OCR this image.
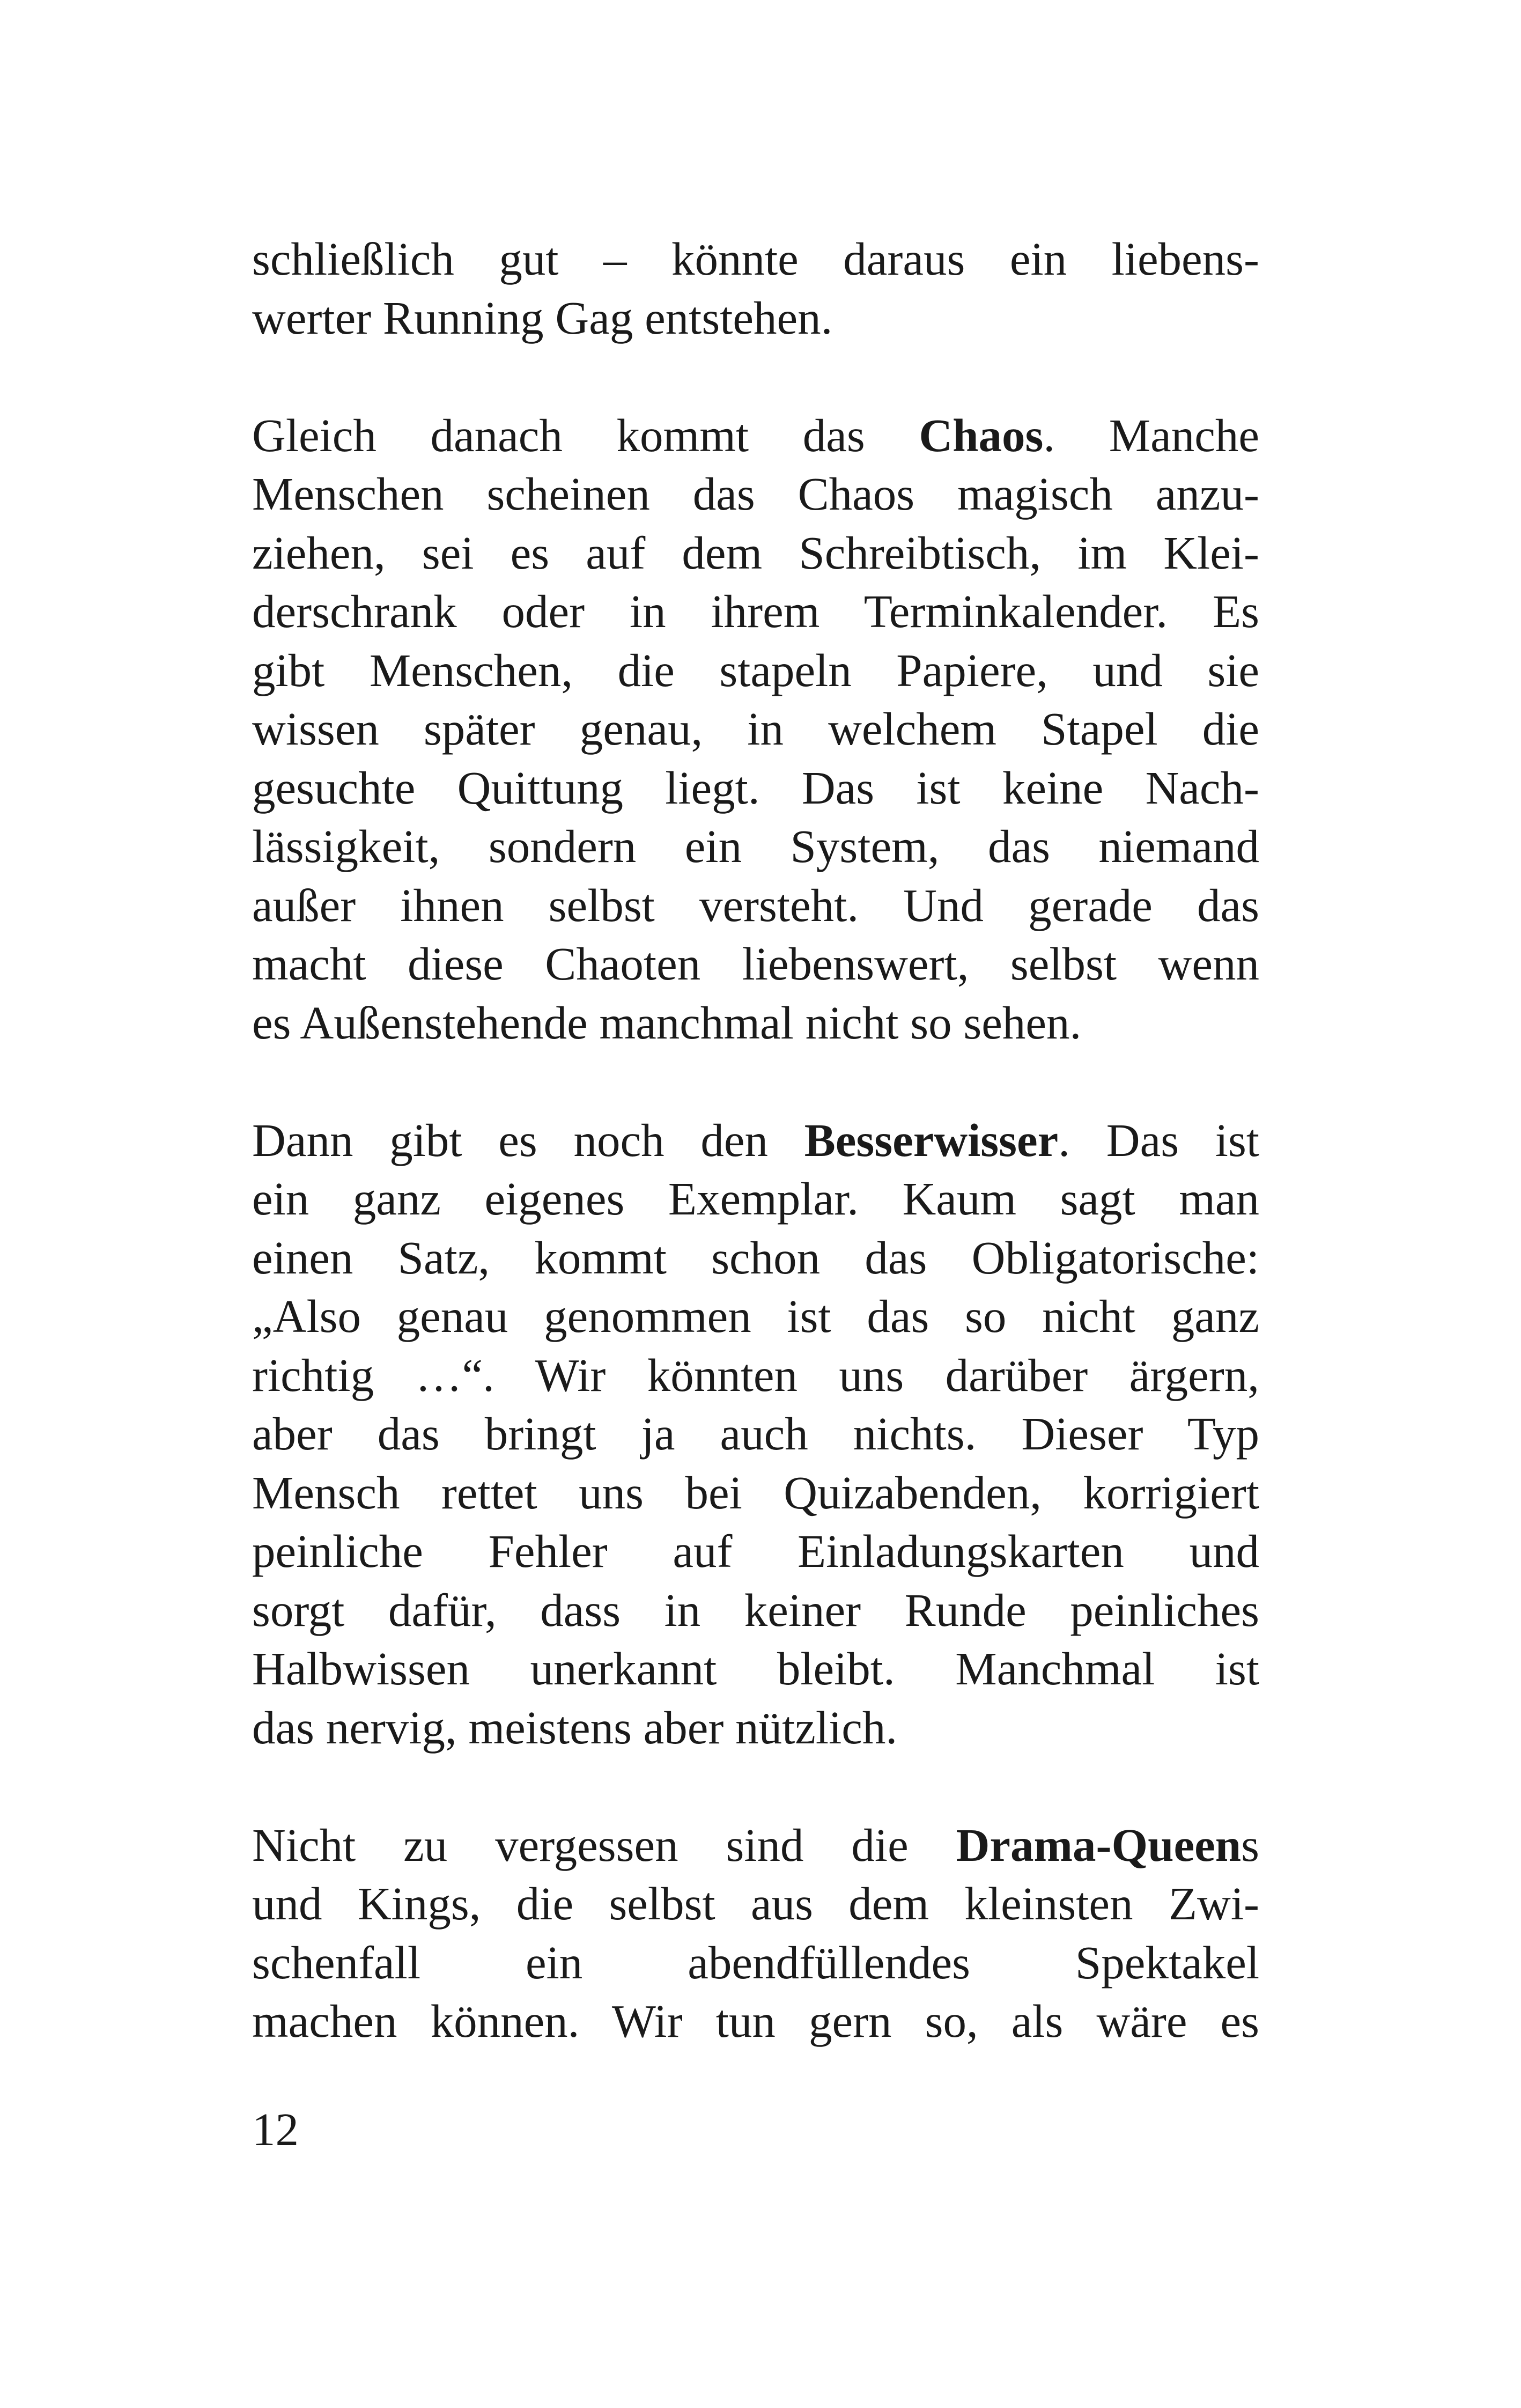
schließlich gut – könnte daraus ein liebens-
werter Running Gag entstehen.
Gleich danach kommt das Chaos. Manche
Menschen scheinen das Chaos magisch anzu-
ziehen, sei es auf dem Schreibtisch, im Klei-
derschrank oder in ihrem Terminkalender. Es
gibt Menschen, die stapeln Papiere, und sie
wissen später genau, in welchem Stapel die
gesuchte Quittung liegt. Das ist keine Nach-
lässigkeit, sondern ein System, das niemand
außer ihnen selbst versteht. Und gerade das
macht diese Chaoten liebenswert, selbst wenn
es Außenstehende manchmal nicht so sehen.
Dann gibt es noch den Besserwisser. Das ist
ein ganz eigenes Exemplar. Kaum sagt man
einen Satz, kommt schon das Obligatorische:
„Also genau genommen ist das so nicht ganz
richtig …“. Wir könnten uns darüber ärgern,
aber das bringt ja auch nichts. Dieser Typ
Mensch rettet uns bei Quizabenden, korrigiert
peinliche Fehler auf Einladungskarten und
sorgt dafür, dass in keiner Runde peinliches
Halbwissen unerkannt bleibt. Manchmal ist
das nervig, meistens aber nützlich.
Nicht zu vergessen sind die Drama-Queens
und Kings, die selbst aus dem kleinsten Zwi-
schenfall ein abendfüllendes Spektakel
machen können. Wir tun gern so, als wäre es
12
